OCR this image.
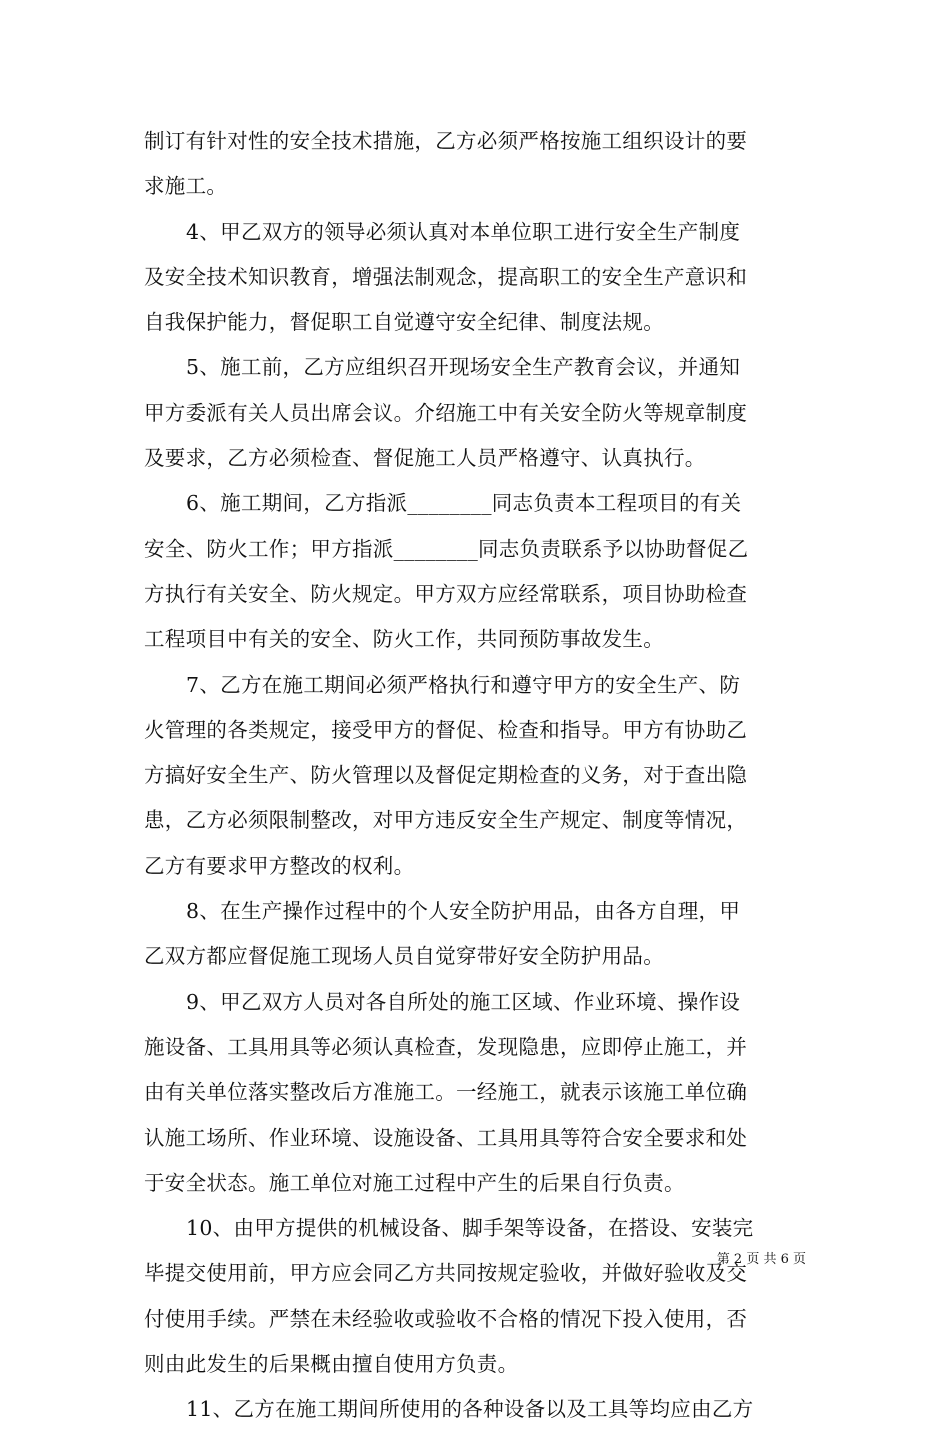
制订有针对性的安全技术措施，乙方必须严格按施工组织设计的要
求施工。
4、甲乙双方的领导必须认真对本单位职工进行安全生产制度
及安全技术知识教育，增强法制观念，提高职工的安全生产意识和
自我保护能力，督促职工自觉遵守安全纪律、制度法规。
5、施工前，乙方应组织召开现场安全生产教育会议，并通知
甲方委派有关人员出席会议。介绍施工中有关安全防火等规章制度
及要求，乙方必须检查、督促施工人员严格遵守、认真执行。
6、施工期间，乙方指派________同志负责本工程项目的有关
安全、防火工作；甲方指派________同志负责联系予以协助督促乙
方执行有关安全、防火规定。甲方双方应经常联系，项目协助检查
工程项目中有关的安全、防火工作，共同预防事故发生。
7、乙方在施工期间必须严格执行和遵守甲方的安全生产、防
火管理的各类规定，接受甲方的督促、检查和指导。甲方有协助乙
方搞好安全生产、防火管理以及督促定期检查的义务，对于查出隐
患，乙方必须限制整改，对甲方违反安全生产规定、制度等情况，
乙方有要求甲方整改的权利。
8、在生产操作过程中的个人安全防护用品，由各方自理，甲
乙双方都应督促施工现场人员自觉穿带好安全防护用品。
9、甲乙双方人员对各自所处的施工区域、作业环境、操作设
施设备、工具用具等必须认真检查，发现隐患，应即停止施工，并
由有关单位落实整改后方准施工。一经施工，就表示该施工单位确
认施工场所、作业环境、设施设备、工具用具等符合安全要求和处
于安全状态。施工单位对施工过程中产生的后果自行负责。
10、由甲方提供的机械设备、脚手架等设备，在搭设、安装完
毕提交使用前，甲方应会同乙方共同按规定验收，并做好验收及交
付使用手续。严禁在未经验收或验收不合格的情况下投入使用，否
则由此发生的后果概由擅自使用方负责。
11、乙方在施工期间所使用的各种设备以及工具等均应由乙方
第 2 页 共 6 页
